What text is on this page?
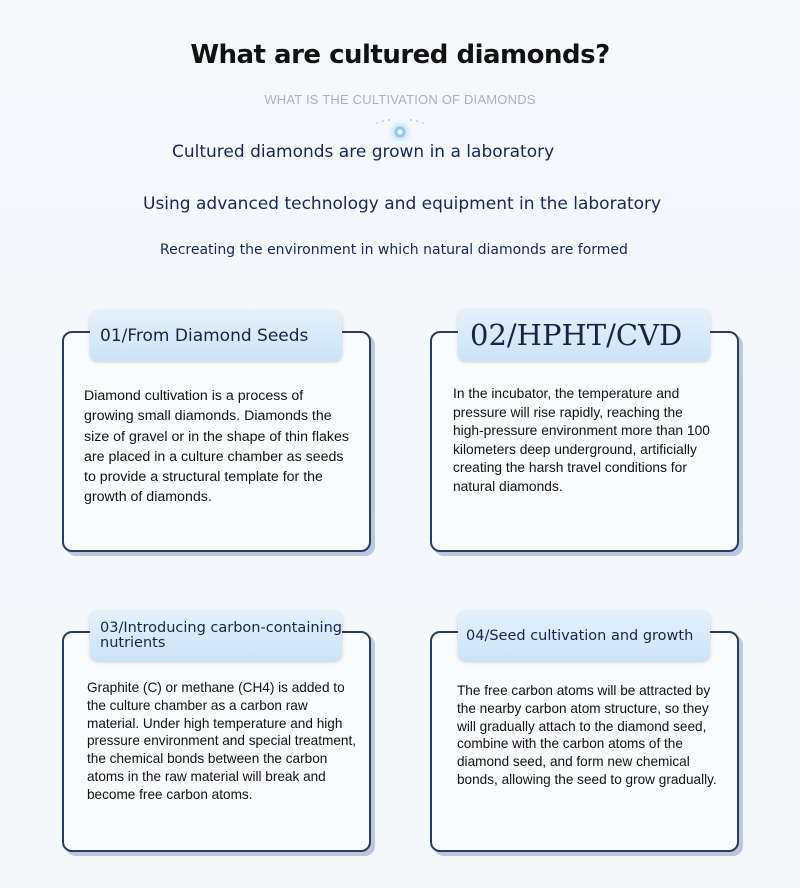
What are cultured diamonds?
WHAT IS THE CULTIVATION OF DIAMONDS
Cultured diamonds are grown in a laboratory
Using advanced technology and equipment in the laboratory
Recreating the environment in which natural diamonds are formed
01/From Diamond Seeds
Diamond cultivation is a process of growing small diamonds. Diamonds the size of gravel or in the shape of thin flakes are placed in a culture chamber as seeds to provide a structural template for the growth of diamonds.
02/HPHT/CVD
In the incubator, the temperature and pressure will rise rapidly, reaching the high-pressure environment more than 100 kilometers deep underground, artificially creating the harsh travel conditions for natural diamonds.
03/Introducing carbon-containing nutrients
Graphite (C) or methane (CH4) is added to the culture chamber as a carbon raw material. Under high temperature and high pressure environment and special treatment, the chemical bonds between the carbon atoms in the raw material will break and become free carbon atoms.
04/Seed cultivation and growth
The free carbon atoms will be attracted by the nearby carbon atom structure, so they will gradually attach to the diamond seed, combine with the carbon atoms of the diamond seed, and form new chemical bonds, allowing the seed to grow gradually.
